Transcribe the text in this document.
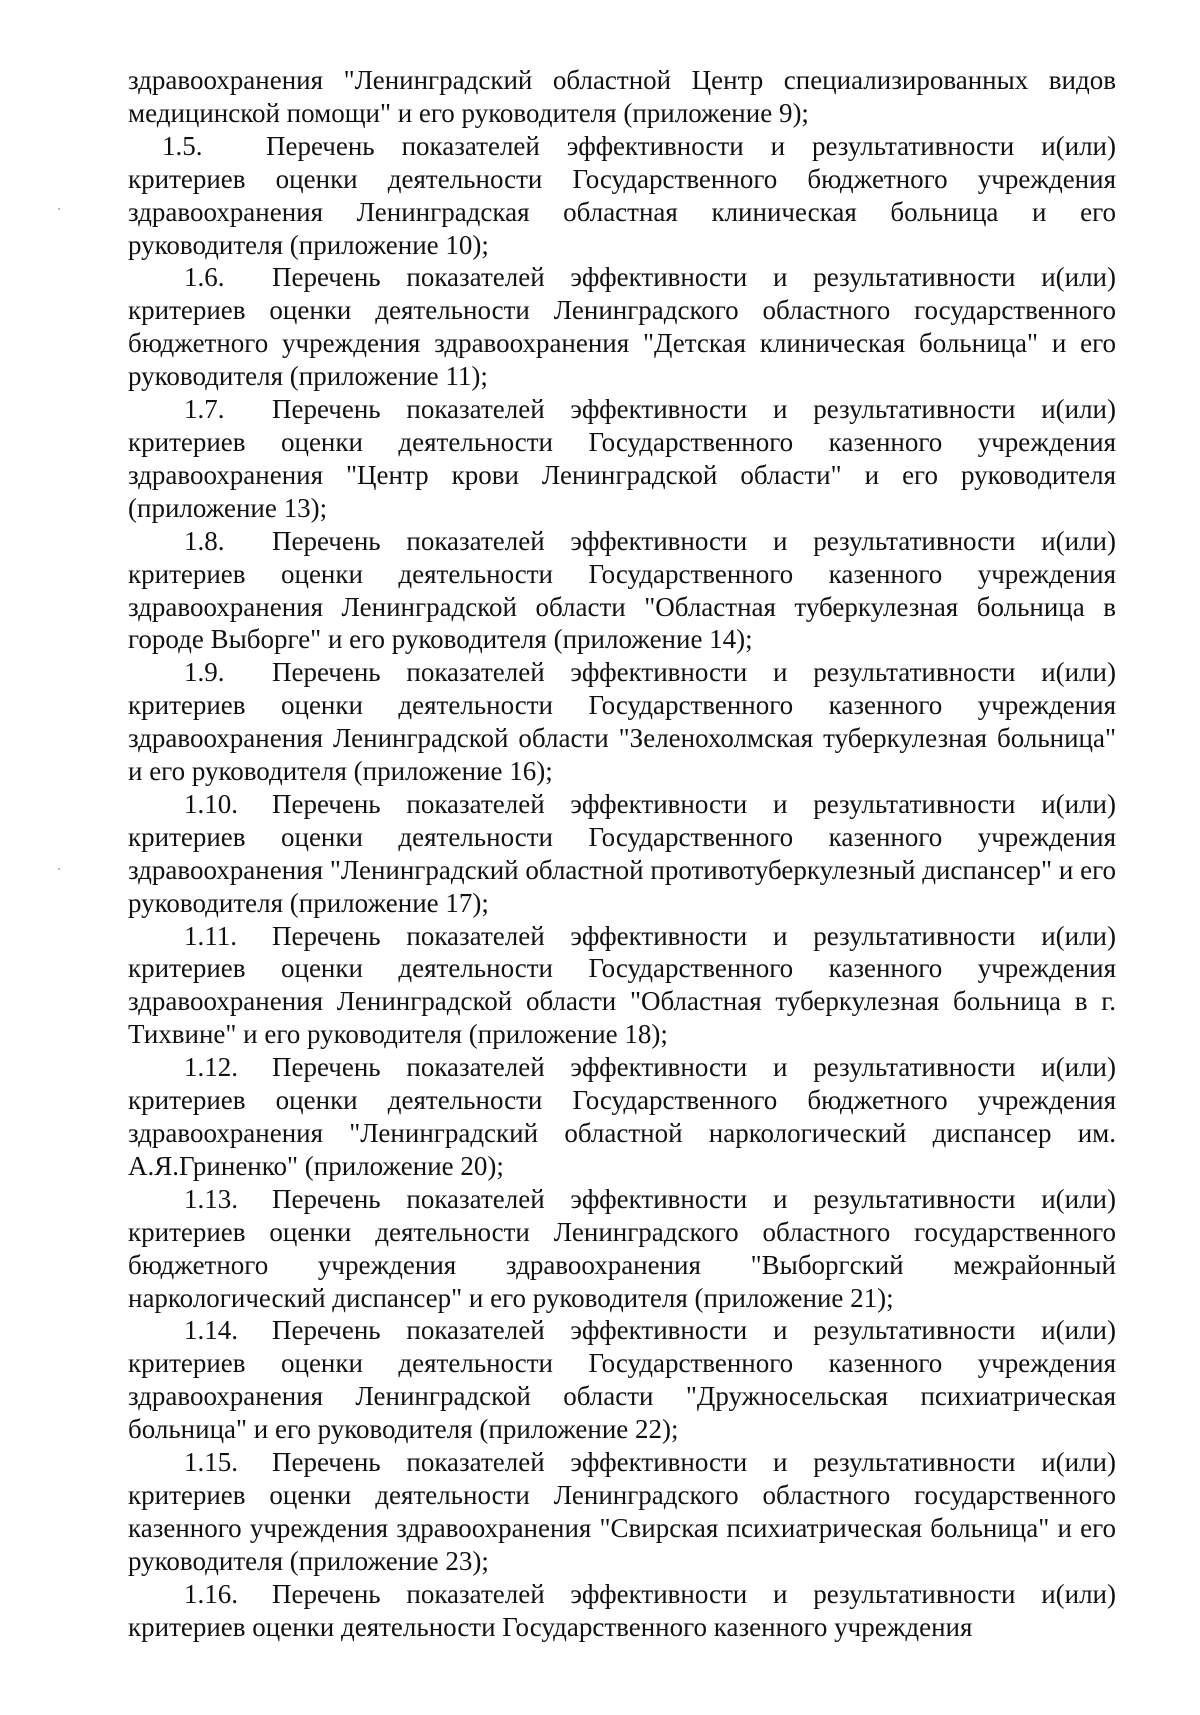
здравоохранения "Ленинградский областной Центр специализированных видов медицинской помощи" и его руководителя (приложение 9);

1.5. Перечень показателей эффективности и результативности и(или) критериев оценки деятельности Государственного бюджетного учреждения здравоохранения Ленинградская областная клиническая больница и его руководителя (приложение 10);

1.6. Перечень показателей эффективности и результативности и(или) критериев оценки деятельности Ленинградского областного государственного бюджетного учреждения здравоохранения "Детская клиническая больница" и его руководителя (приложение 11);

1.7. Перечень показателей эффективности и результативности и(или) критериев оценки деятельности Государственного казенного учреждения здравоохранения "Центр крови Ленинградской области" и его руководителя (приложение 13);

1.8. Перечень показателей эффективности и результативности и(или) критериев оценки деятельности Государственного казенного учреждения здравоохранения Ленинградской области "Областная туберкулезная больница в городе Выборге" и его руководителя (приложение 14);

1.9. Перечень показателей эффективности и результативности и(или) критериев оценки деятельности Государственного казенного учреждения здравоохранения Ленинградской области "Зеленохолмская туберкулезная больница" и его руководителя (приложение 16);

1.10. Перечень показателей эффективности и результативности и(или) критериев оценки деятельности Государственного казенного учреждения здравоохранения "Ленинградский областной противотуберкулезный диспансер" и его руководителя (приложение 17);

1.11. Перечень показателей эффективности и результативности и(или) критериев оценки деятельности Государственного казенного учреждения здравоохранения Ленинградской области "Областная туберкулезная больница в г. Тихвине" и его руководителя (приложение 18);

1.12. Перечень показателей эффективности и результативности и(или) критериев оценки деятельности Государственного бюджетного учреждения здравоохранения "Ленинградский областной наркологический диспансер им. А.Я.Гриненко" (приложение 20);

1.13. Перечень показателей эффективности и результативности и(или) критериев оценки деятельности Ленинградского областного государственного бюджетного учреждения здравоохранения "Выборгский межрайонный наркологический диспансер" и его руководителя (приложение 21);

1.14. Перечень показателей эффективности и результативности и(или) критериев оценки деятельности Государственного казенного учреждения здравоохранения Ленинградской области "Дружносельская психиатрическая больница" и его руководителя (приложение 22);

1.15. Перечень показателей эффективности и результативности и(или) критериев оценки деятельности Ленинградского областного государственного казенного учреждения здравоохранения "Свирская психиатрическая больница" и его руководителя (приложение 23);

1.16. Перечень показателей эффективности и результативности и(или) критериев оценки деятельности Государственного казенного учреждения
